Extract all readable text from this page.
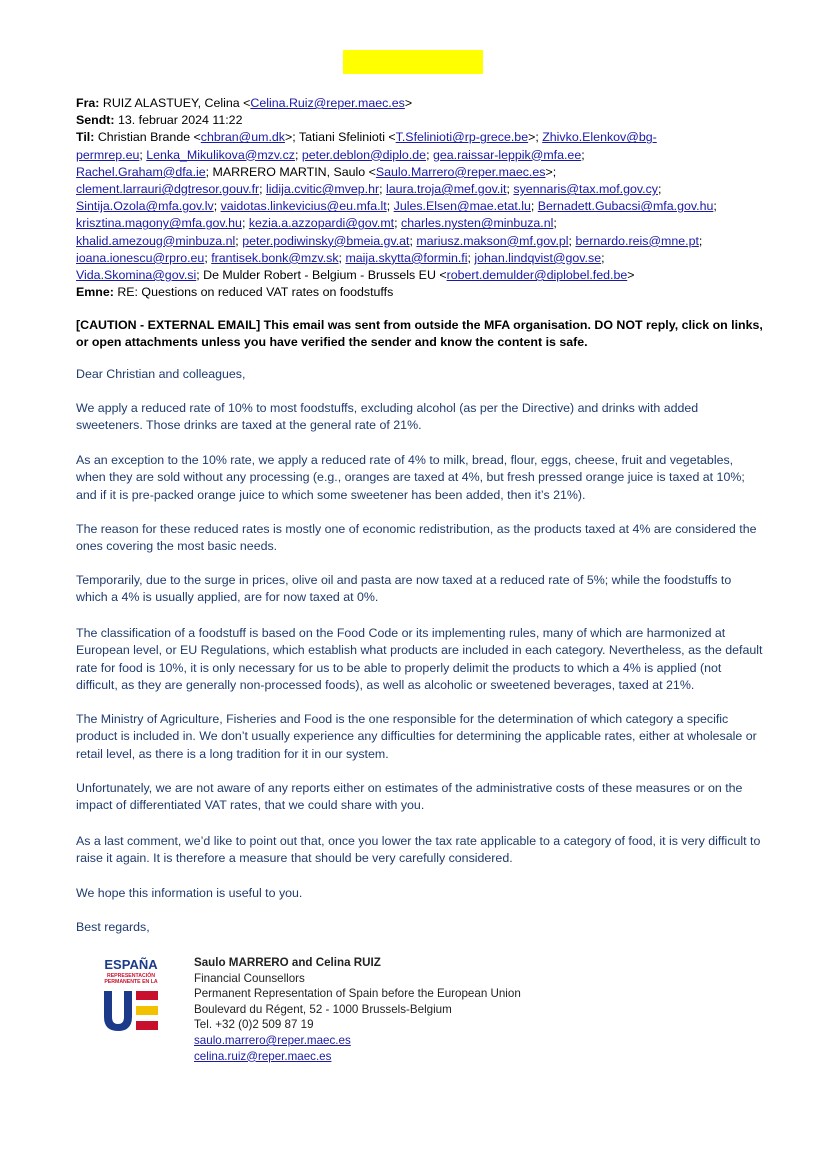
Fra: RUIZ ALASTUEY, Celina <Celina.Ruiz@reper.maec.es>
Sendt: 13. februar 2024 11:22
Til: Christian Brande <chbran@um.dk>; Tatiani Sfelinioti <T.Sfelinioti@rp-grece.be>; Zhivko.Elenkov@bg-
permrep.eu; Lenka_Mikulikova@mzv.cz; peter.deblon@diplo.de; gea.raissar-leppik@mfa.ee;
Rachel.Graham@dfa.ie; MARRERO MARTIN, Saulo <Saulo.Marrero@reper.maec.es>;
clement.larrauri@dgtresor.gouv.fr; lidija.cvitic@mvep.hr; laura.troja@mef.gov.it; syennaris@tax.mof.gov.cy;
Sintija.Ozola@mfa.gov.lv; vaidotas.linkevicius@eu.mfa.lt; Jules.Elsen@mae.etat.lu; Bernadett.Gubacsi@mfa.gov.hu;
krisztina.magony@mfa.gov.hu; kezia.a.azzopardi@gov.mt; charles.nysten@minbuza.nl;
khalid.amezoug@minbuza.nl; peter.podiwinsky@bmeia.gv.at; mariusz.makson@mf.gov.pl; bernardo.reis@mne.pt;
ioana.ionescu@rpro.eu; frantisek.bonk@mzv.sk; maija.skytta@formin.fi; johan.lindqvist@gov.se;
Vida.Skomina@gov.si; De Mulder Robert - Belgium - Brussels EU <robert.demulder@diplobel.fed.be>
Emne: RE: Questions on reduced VAT rates on foodstuffs
[CAUTION - EXTERNAL EMAIL] This email was sent from outside the MFA organisation. DO NOT reply, click on links, or open attachments unless you have verified the sender and know the content is safe.

Dear Christian and colleagues,

We apply a reduced rate of 10% to most foodstuffs, excluding alcohol (as per the Directive) and drinks with added sweeteners. Those drinks are taxed at the general rate of 21%.

As an exception to the 10% rate, we apply a reduced rate of 4% to milk, bread, flour, eggs, cheese, fruit and vegetables, when they are sold without any processing (e.g., oranges are taxed at 4%, but fresh pressed orange juice is taxed at 10%; and if it is pre-packed orange juice to which some sweetener has been added, then it’s 21%).

The reason for these reduced rates is mostly one of economic redistribution, as the products taxed at 4% are considered the ones covering the most basic needs.

Temporarily, due to the surge in prices, olive oil and pasta are now taxed at a reduced rate of 5%; while the foodstuffs to which a 4% is usually applied, are for now taxed at 0%.

The classification of a foodstuff is based on the Food Code or its implementing rules, many of which are harmonized at European level, or EU Regulations, which establish what products are included in each category. Nevertheless, as the default rate for food is 10%, it is only necessary for us to be able to properly delimit the products to which a 4% is applied (not difficult, as they are generally non-processed foods), as well as alcoholic or sweetened beverages, taxed at 21%.

The Ministry of Agriculture, Fisheries and Food is the one responsible for the determination of which category a specific product is included in. We don’t usually experience any difficulties for determining the applicable rates, either at wholesale or retail level, as there is a long tradition for it in our system.

Unfortunately, we are not aware of any reports either on estimates of the administrative costs of these measures or on the impact of differentiated VAT rates, that we could share with you.

As a last comment, we’d like to point out that, once you lower the tax rate applicable to a category of food, it is very difficult to raise it again. It is therefore a measure that should be very carefully considered.

We hope this information is useful to you.

Best regards,

ESPAÑA
REPRESENTACIÓN
PERMANENTE EN LA
Saulo MARRERO and Celina RUIZ
Financial Counsellors
Permanent Representation of Spain before the European Union
Boulevard du Régent, 52 - 1000 Brussels-Belgium
Tel. +32 (0)2 509 87 19
saulo.marrero@reper.maec.es
celina.ruiz@reper.maec.es
